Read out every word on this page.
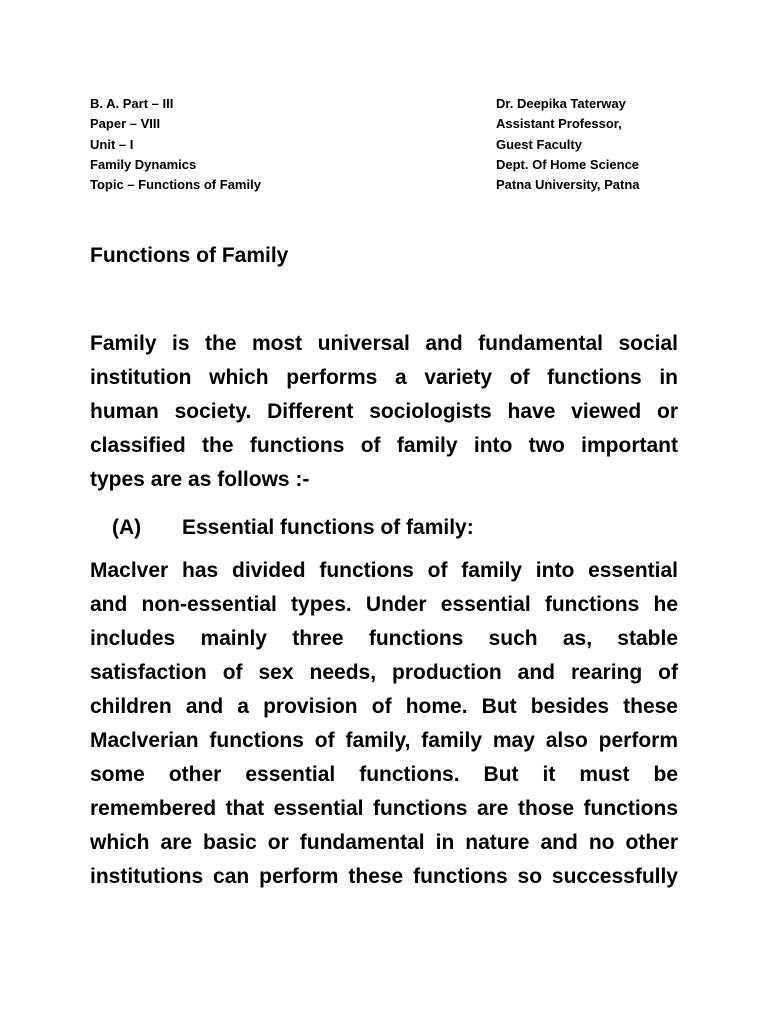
B. A. Part – III
Paper – VIII
Unit – I
Family Dynamics
Topic – Functions of Family
Dr. Deepika Taterway
Assistant Professor,
Guest Faculty
Dept. Of Home Science
Patna University, Patna
Functions of Family
Family is the most universal and fundamental social
institution which performs a variety of functions in
human society. Different sociologists have viewed or
classified the functions of family into two important
types are as follows :-
(A) Essential functions of family:
Maclver has divided functions of family into essential
and non-essential types. Under essential functions he
includes mainly three functions such as, stable
satisfaction of sex needs, production and rearing of
children and a provision of home. But besides these
Maclverian functions of family, family may also perform
some other essential functions. But it must be
remembered that essential functions are those functions
which are basic or fundamental in nature and no other
institutions can perform these functions so successfully
